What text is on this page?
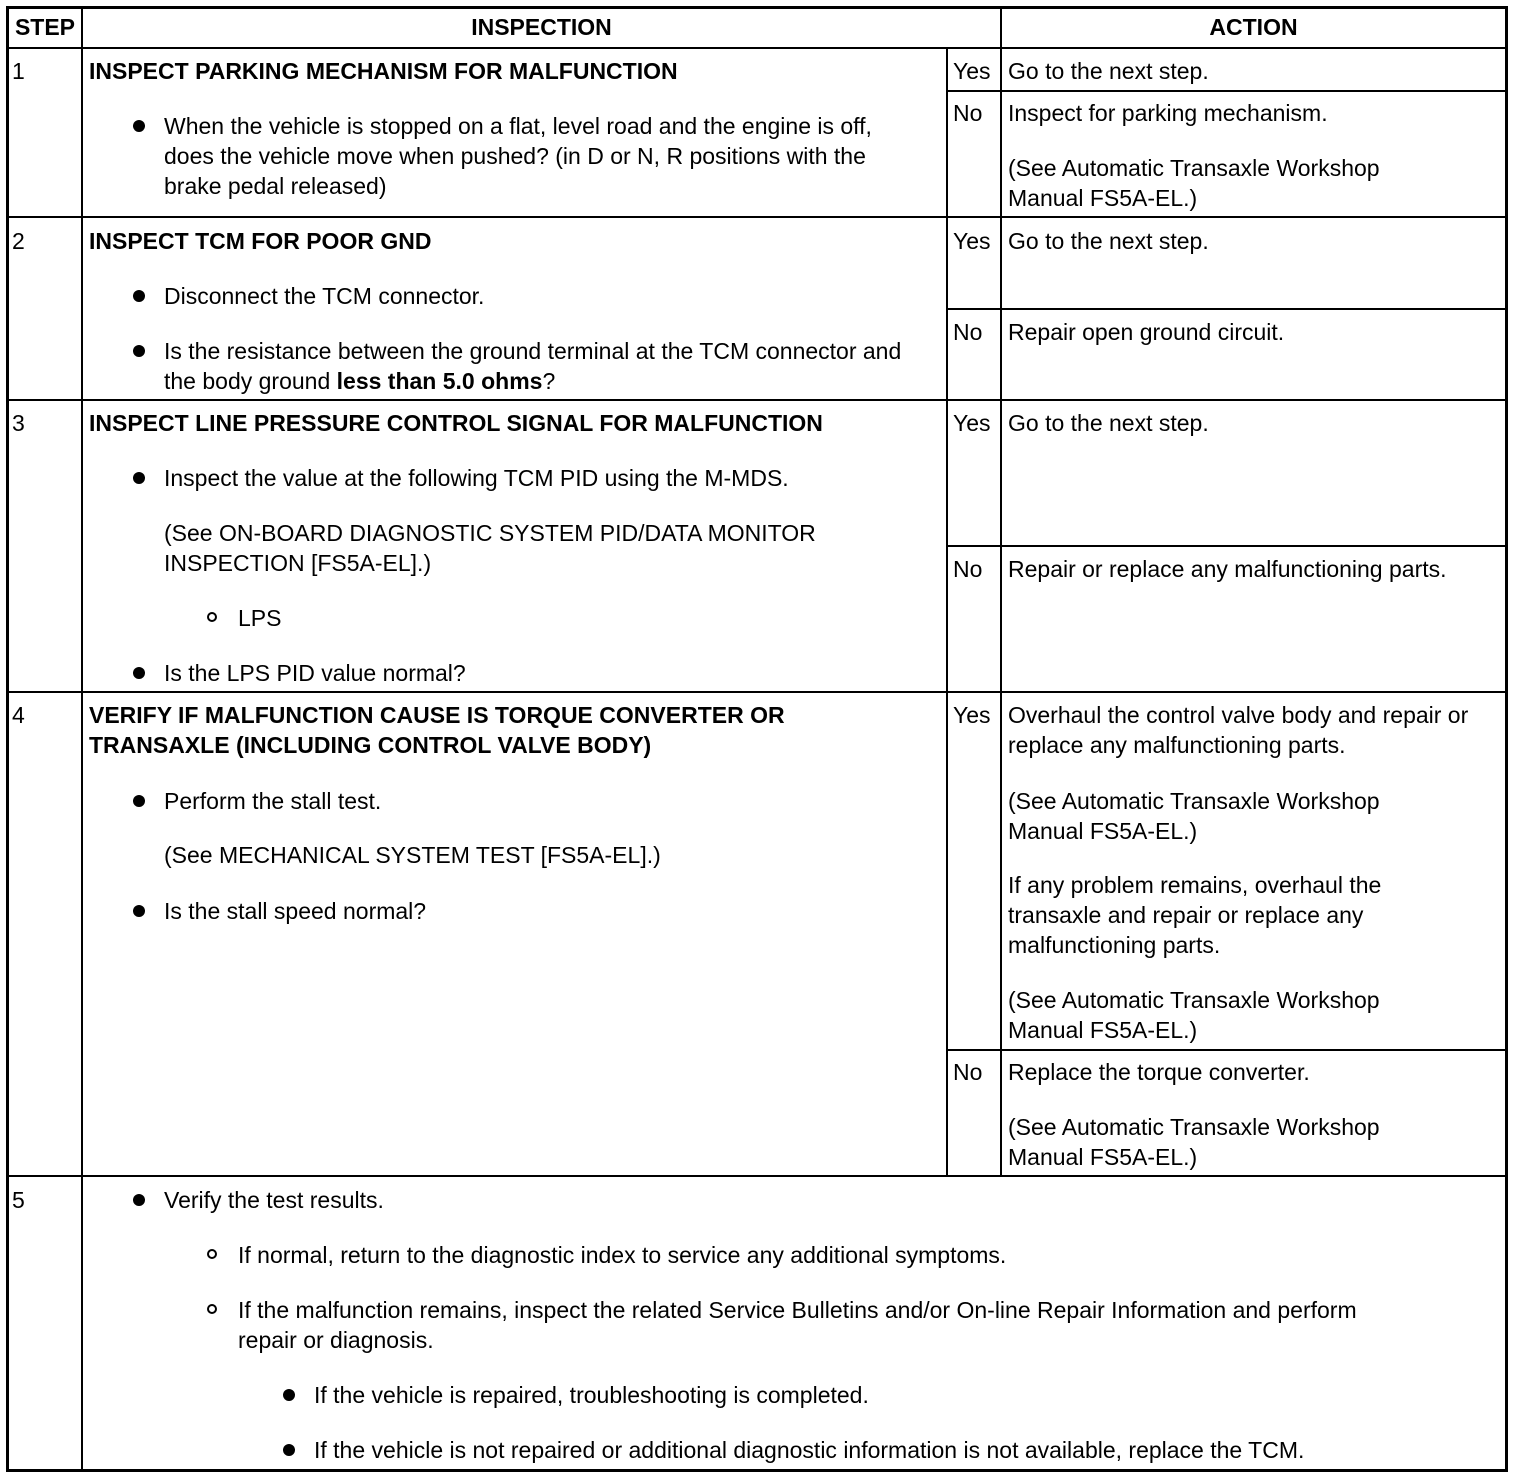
STEP	INSPECTION	ACTION
1	INSPECT PARKING MECHANISM FOR MALFUNCTION
When the vehicle is stopped on a flat, level road and the engine is off, does the vehicle move when pushed? (in D or N, R positions with the brake pedal released)
Yes Go to the next step.
No Inspect for parking mechanism.
(See Automatic Transaxle Workshop Manual FS5A-EL.)
2	INSPECT TCM FOR POOR GND
Disconnect the TCM connector.
Is the resistance between the ground terminal at the TCM connector and the body ground less than 5.0 ohms?
Yes Go to the next step.
No Repair open ground circuit.
3	INSPECT LINE PRESSURE CONTROL SIGNAL FOR MALFUNCTION
Inspect the value at the following TCM PID using the M-MDS.
(See ON-BOARD DIAGNOSTIC SYSTEM PID/DATA MONITOR INSPECTION [FS5A-EL].)
LPS
Is the LPS PID value normal?
Yes Go to the next step.
No Repair or replace any malfunctioning parts.
4	VERIFY IF MALFUNCTION CAUSE IS TORQUE CONVERTER OR TRANSAXLE (INCLUDING CONTROL VALVE BODY)
Perform the stall test.
(See MECHANICAL SYSTEM TEST [FS5A-EL].)
Is the stall speed normal?
Yes Overhaul the control valve body and repair or replace any malfunctioning parts.
(See Automatic Transaxle Workshop Manual FS5A-EL.)
If any problem remains, overhaul the transaxle and repair or replace any malfunctioning parts.
(See Automatic Transaxle Workshop Manual FS5A-EL.)
No Replace the torque converter.
(See Automatic Transaxle Workshop Manual FS5A-EL.)
5	Verify the test results.
If normal, return to the diagnostic index to service any additional symptoms.
If the malfunction remains, inspect the related Service Bulletins and/or On-line Repair Information and perform repair or diagnosis.
If the vehicle is repaired, troubleshooting is completed.
If the vehicle is not repaired or additional diagnostic information is not available, replace the TCM.
